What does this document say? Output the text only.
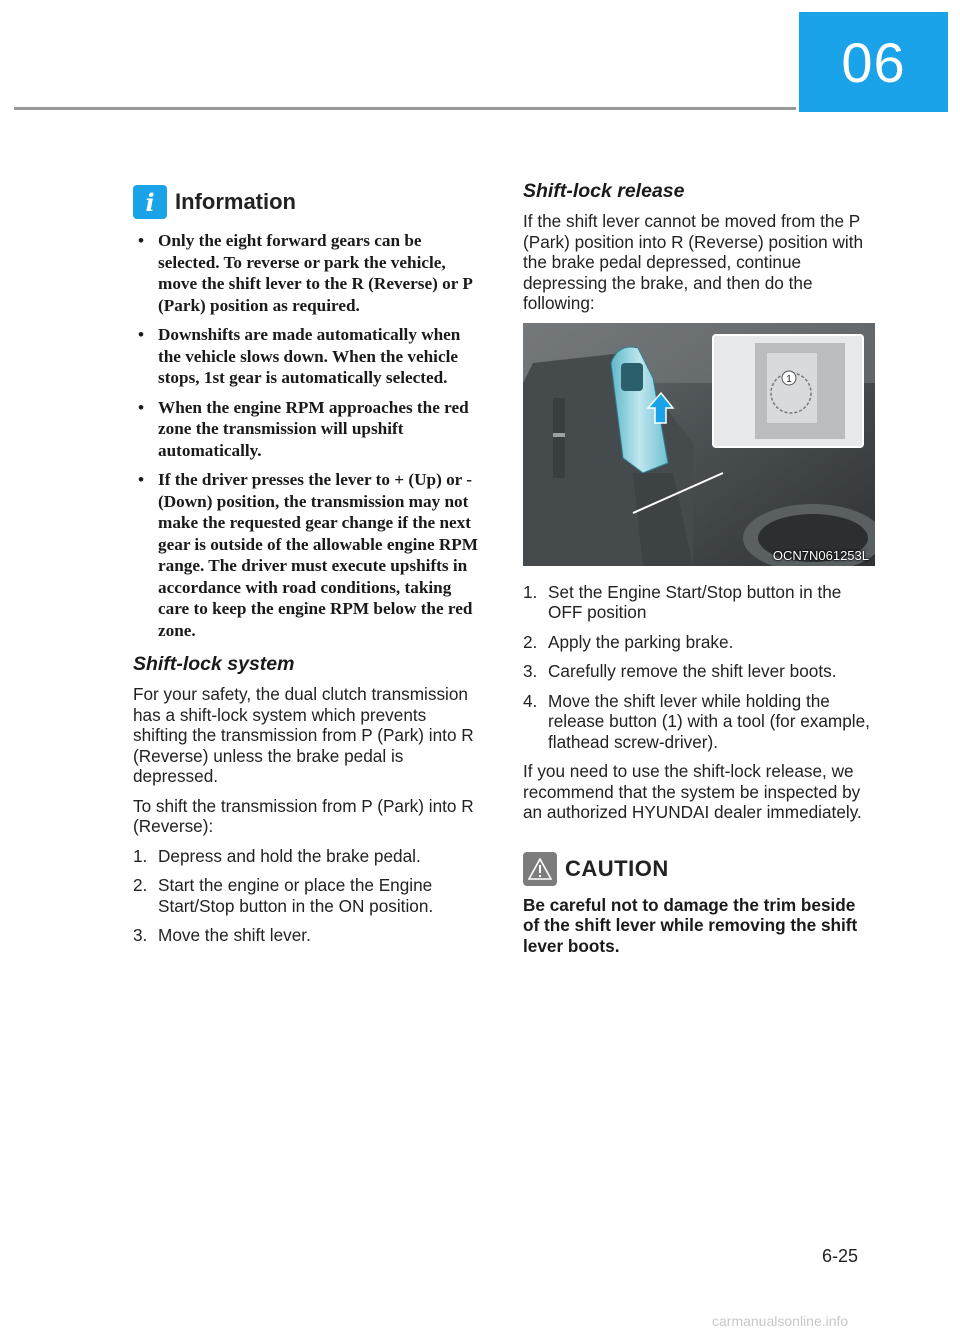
06
i Information
• Only the eight forward gears can be selected. To reverse or park the vehicle, move the shift lever to the R (Reverse) or P (Park) position as required.
• Downshifts are made automatically when the vehicle slows down. When the vehicle stops, 1st gear is automatically selected.
• When the engine RPM approaches the red zone the transmission will upshift automatically.
• If the driver presses the lever to + (Up) or - (Down) position, the transmission may not make the requested gear change if the next gear is outside of the allowable engine RPM range. The driver must execute upshifts in accordance with road conditions, taking care to keep the engine RPM below the red zone.
Shift-lock system

For your safety, the dual clutch transmission has a shift-lock system which prevents shifting the transmission from P (Park) into R (Reverse) unless the brake pedal is depressed.

To shift the transmission from P (Park) into R (Reverse):

1. Depress and hold the brake pedal.
2. Start the engine or place the Engine Start/Stop button in the ON position.
3. Move the shift lever.
Shift-lock release

If the shift lever cannot be moved from the P (Park) position into R (Reverse) position with the brake pedal depressed, continue depressing the brake, and then do the following:

1
OCN7N061253L
1. Set the Engine Start/Stop button in the OFF position
2. Apply the parking brake.
3. Carefully remove the shift lever boots.
4. Move the shift lever while holding the release button (1) with a tool (for example, flathead screw-driver).

If you need to use the shift-lock release, we recommend that the system be inspected by an authorized HYUNDAI dealer immediately.

CAUTION
Be careful not to damage the trim beside of the shift lever while removing the shift lever boots.
6-25
carmanualsonline.info
